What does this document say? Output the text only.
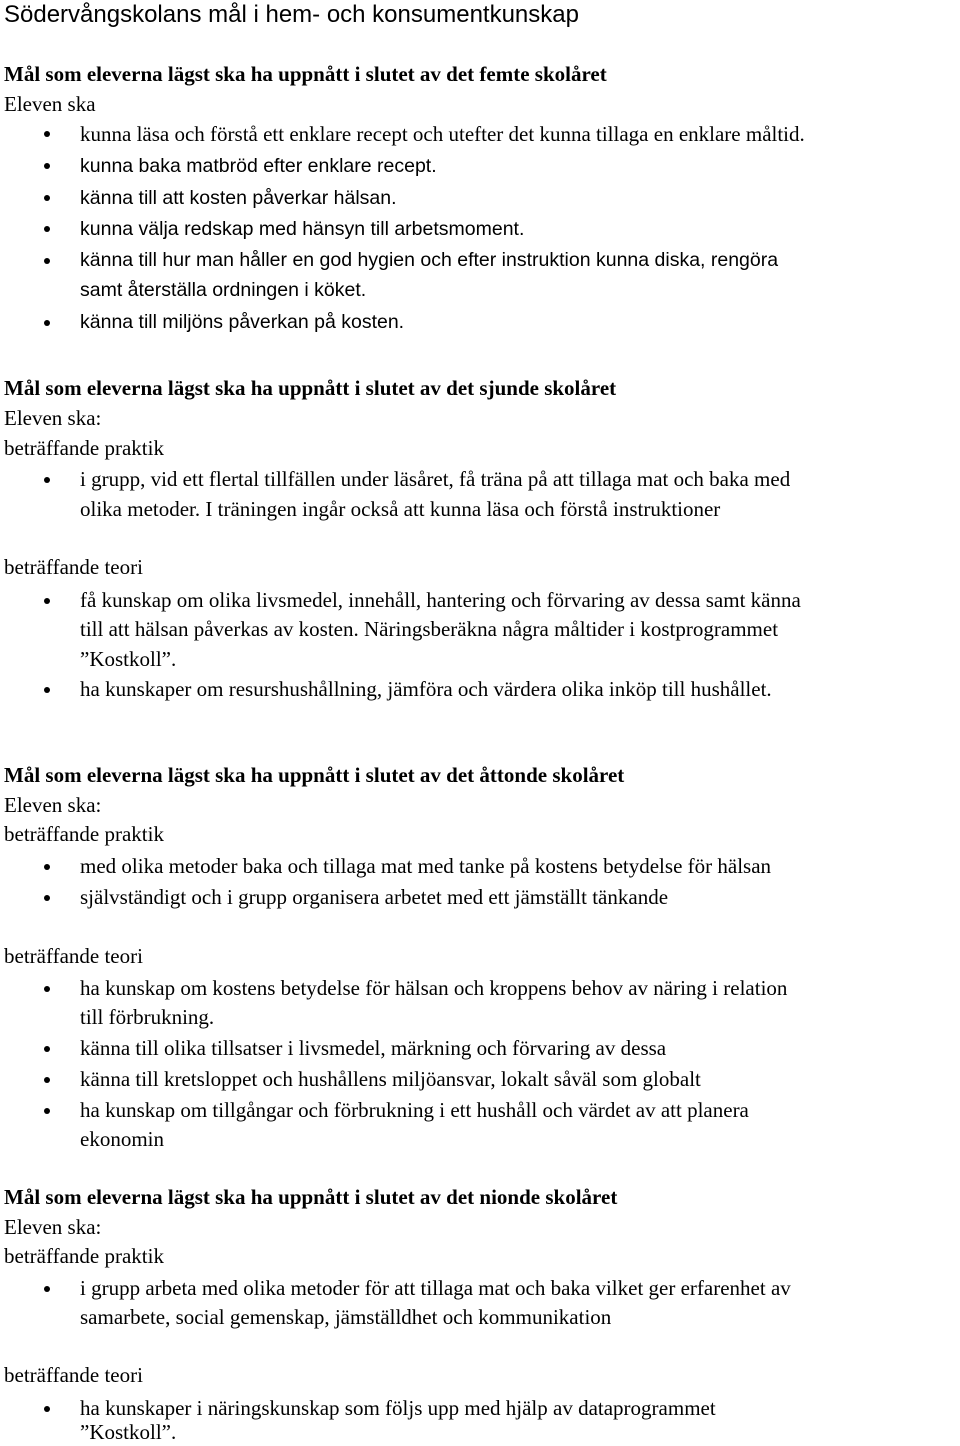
Södervångskolans mål i hem- och konsumentkunskap
Mål som eleverna lägst ska ha uppnått i slutet av det femte skolåret
Eleven ska
kunna läsa och förstå ett enklare recept och utefter det kunna tillaga en enklare måltid.
kunna baka matbröd efter enklare recept.
känna till att kosten påverkar hälsan.
kunna välja redskap med hänsyn till arbetsmoment.
känna till hur man håller en god hygien och efter instruktion kunna diska, rengöra
samt återställa ordningen i köket.
känna till miljöns påverkan på kosten.
Mål som eleverna lägst ska ha uppnått i slutet av det sjunde skolåret
Eleven ska:
beträffande praktik
i grupp, vid ett flertal tillfällen under läsåret, få träna på att tillaga mat och baka med
olika metoder. I träningen ingår också att kunna läsa och förstå instruktioner
beträffande teori
få kunskap om olika livsmedel, innehåll, hantering och förvaring av dessa samt känna
till att hälsan påverkas av kosten. Näringsberäkna några måltider i kostprogrammet
”Kostkoll”.
ha kunskaper om resurshushållning, jämföra och värdera olika inköp till hushållet.
Mål som eleverna lägst ska ha uppnått i slutet av det åttonde skolåret
Eleven ska:
beträffande praktik
med olika metoder baka och tillaga mat med tanke på kostens betydelse för hälsan
självständigt och i grupp organisera arbetet med ett jämställt tänkande
beträffande teori
ha kunskap om kostens betydelse för hälsan och kroppens behov av näring i relation
till förbrukning.
känna till olika tillsatser i livsmedel, märkning och förvaring av dessa
känna till kretsloppet och hushållens miljöansvar, lokalt såväl som globalt
ha kunskap om tillgångar och förbrukning i ett hushåll och värdet av att planera
ekonomin
Mål som eleverna lägst ska ha uppnått i slutet av det nionde skolåret
Eleven ska:
beträffande praktik
i grupp arbeta med olika metoder för att tillaga mat och baka vilket ger erfarenhet av
samarbete, social gemenskap, jämställdhet och kommunikation
beträffande teori
ha kunskaper i näringskunskap som följs upp med hjälp av dataprogrammet
”Kostkoll”.
